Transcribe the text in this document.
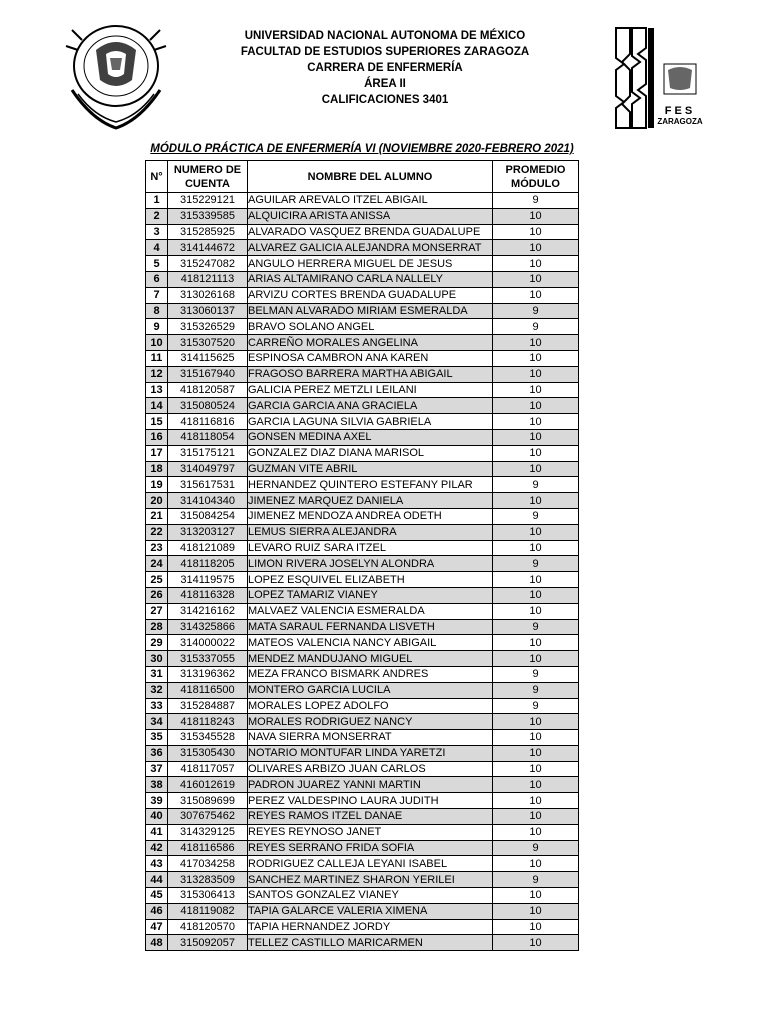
FES
ZARAGOZA
UNIVERSIDAD NACIONAL AUTONOMA DE MÉXICO
FACULTAD DE ESTUDIOS SUPERIORES ZARAGOZA
CARRERA DE ENFERMERÍA
ÁREA II
CALIFICACIONES 3401
MÓDULO PRÁCTICA DE ENFERMERÍA VI (NOVIEMBRE 2020-FEBRERO 2021)
N°	NUMERO DE CUENTA	NOMBRE DEL ALUMNO	PROMEDIO MÓDULO
1	315229121	AGUILAR AREVALO ITZEL ABIGAIL	9
2	315339585	ALQUICIRA ARISTA ANISSA	10
3	315285925	ALVARADO VASQUEZ BRENDA GUADALUPE	10
4	314144672	ALVAREZ GALICIA ALEJANDRA MONSERRAT	10
5	315247082	ANGULO HERRERA MIGUEL DE JESUS	10
6	418121113	ARIAS ALTAMIRANO CARLA NALLELY	10
7	313026168	ARVIZU CORTES BRENDA GUADALUPE	10
8	313060137	BELMAN ALVARADO MIRIAM ESMERALDA	9
9	315326529	BRAVO SOLANO ANGEL	9
10	315307520	CARREÑO MORALES ANGELINA	10
11	314115625	ESPINOSA CAMBRON ANA KAREN	10
12	315167940	FRAGOSO BARRERA MARTHA ABIGAIL	10
13	418120587	GALICIA PEREZ METZLI LEILANI	10
14	315080524	GARCIA GARCIA ANA GRACIELA	10
15	418116816	GARCIA LAGUNA SILVIA GABRIELA	10
16	418118054	GONSEN MEDINA AXEL	10
17	315175121	GONZALEZ DIAZ DIANA MARISOL	10
18	314049797	GUZMAN VITE ABRIL	10
19	315617531	HERNANDEZ QUINTERO ESTEFANY PILAR	9
20	314104340	JIMENEZ MARQUEZ DANIELA	10
21	315084254	JIMENEZ MENDOZA ANDREA ODETH	9
22	313203127	LEMUS SIERRA ALEJANDRA	10
23	418121089	LEVARO RUIZ SARA ITZEL	10
24	418118205	LIMON RIVERA JOSELYN ALONDRA	9
25	314119575	LOPEZ ESQUIVEL ELIZABETH	10
26	418116328	LOPEZ TAMARIZ VIANEY	10
27	314216162	MALVAEZ VALENCIA ESMERALDA	10
28	314325866	MATA SARAUL FERNANDA LISVETH	9
29	314000022	MATEOS VALENCIA NANCY ABIGAIL	10
30	315337055	MENDEZ MANDUJANO MIGUEL	10
31	313196362	MEZA FRANCO BISMARK ANDRES	9
32	418116500	MONTERO GARCIA LUCILA	9
33	315284887	MORALES LOPEZ ADOLFO	9
34	418118243	MORALES RODRIGUEZ NANCY	10
35	315345528	NAVA SIERRA MONSERRAT	10
36	315305430	NOTARIO MONTUFAR LINDA YARETZI	10
37	418117057	OLIVARES ARBIZO JUAN CARLOS	10
38	416012619	PADRON JUAREZ YANNI MARTIN	10
39	315089699	PEREZ VALDESPINO LAURA JUDITH	10
40	307675462	REYES RAMOS ITZEL DANAE	10
41	314329125	REYES REYNOSO JANET	10
42	418116586	REYES SERRANO FRIDA SOFIA	9
43	417034258	RODRIGUEZ CALLEJA LEYANI ISABEL	10
44	313283509	SANCHEZ MARTINEZ SHARON YERILEI	9
45	315306413	SANTOS GONZALEZ VIANEY	10
46	418119082	TAPIA GALARCE VALERIA XIMENA	10
47	418120570	TAPIA HERNANDEZ JORDY	10
48	315092057	TELLEZ CASTILLO MARICARMEN	10
